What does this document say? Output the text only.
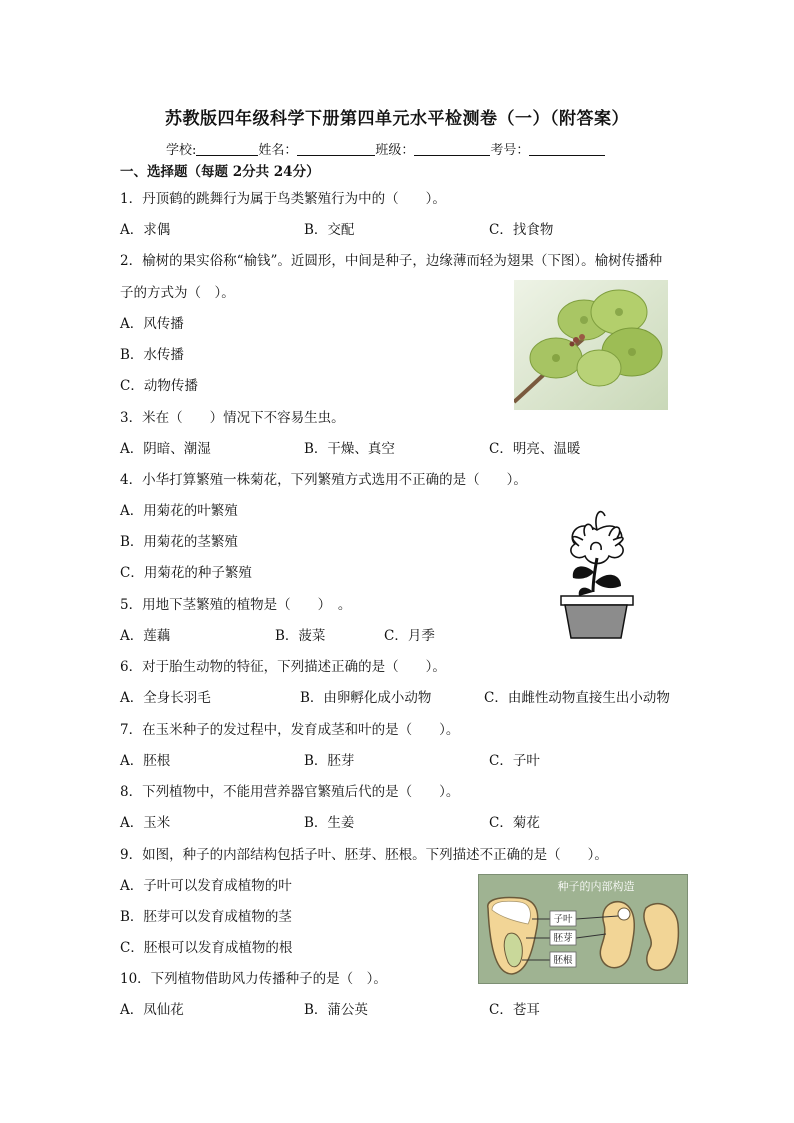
苏教版四年级科学下册第四单元水平检测卷（一）（附答案）
学校:	姓名：	班级：	考号：
一、选择题（每题 2分共 24分）
1．丹顶鹤的跳舞行为属于鸟类繁殖行为中的（　　）。
A．求偶	B．交配	C．找食物
2．榆树的果实俗称“榆钱”。近圆形，中间是种子，边缘薄而轻为翅果（下图）。榆树传播种
子的方式为（　）。
A．风传播
B．水传播
C．动物传播
3．米在（　　）情况下不容易生虫。
A．阴暗、潮湿	B．干燥、真空	C．明亮、温暖
4．小华打算繁殖一株菊花，下列繁殖方式选用不正确的是（　　）。
A．用菊花的叶繁殖
B．用菊花的茎繁殖
C．用菊花的种子繁殖
5．用地下茎繁殖的植物是（　　）　。
A．莲藕	B．菠菜	C．月季
6．对于胎生动物的特征，下列描述正确的是（　　）。
A．全身长羽毛	B．由卵孵化成小动物	C．由雌性动物直接生出小动物
7．在玉米种子的发过程中，发育成茎和叶的是（　　）。
A．胚根	B．胚芽	C．子叶
8．下列植物中，不能用营养器官繁殖后代的是（　　）。
A．玉米	B．生姜	C．菊花
9．如图，种子的内部结构包括子叶、胚芽、胚根。下列描述不正确的是（　　）。
A．子叶可以发育成植物的叶
B．胚芽可以发育成植物的茎
C．胚根可以发育成植物的根
种子的内部构造
子叶
胚芽
胚根
10．下列植物借助风力传播种子的是（　）。
A．凤仙花	B．蒲公英	C．苍耳
